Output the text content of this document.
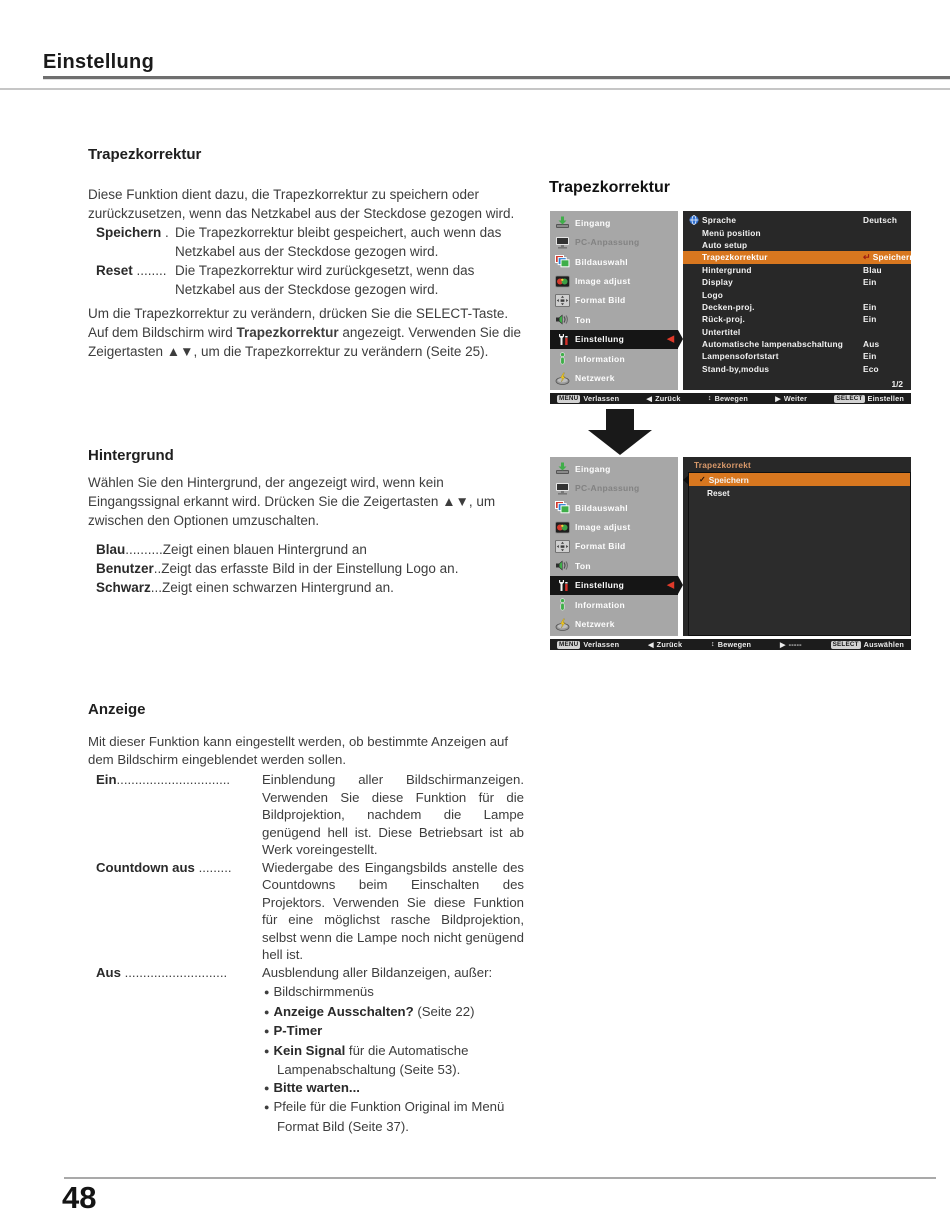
Einstellung
Trapezkorrektur

Diese Funktion dient dazu, die Trapezkorrektur zu speichern oder zurückzusetzen, wenn das Netzkabel aus der Steckdose gezogen wird.

Speichern . Die Trapezkorrektur bleibt gespeichert, auch wenn das Netzkabel aus der Steckdose gezogen wird.
Reset ........ Die Trapezkorrektur wird zurückgesetzt, wenn das Netzkabel aus der Steckdose gezogen wird.

Um die Trapezkorrektur zu verändern, drücken Sie die SELECT-Taste. Auf dem Bildschirm wird Trapezkorrektur angezeigt. Verwenden Sie die Zeigertasten ▲▼, um die Trapezkorrektur zu verändern (Seite 25).

Hintergrund

Wählen Sie den Hintergrund, der angezeigt wird, wenn kein Eingangssignal erkannt wird. Drücken Sie die Zeigertasten ▲▼, um zwischen den Optionen umzuschalten.

Blau..........Zeigt einen blauen Hintergrund an
Benutzer..Zeigt das erfasste Bild in der Einstellung Logo an.
Schwarz...Zeigt einen schwarzen Hintergrund an.
Anzeige

Mit dieser Funktion kann eingestellt werden, ob bestimmte Anzeigen auf dem Bildschirm eingeblendet werden sollen.

Ein...............................	Einblendung aller Bildschirmanzeigen. Verwenden Sie diese Funktion für die Bildprojektion, nachdem die Lampe genügend hell ist. Diese Betriebsart ist ab Werk voreingestellt.
Countdown aus .........	Wiedergabe des Eingangsbilds anstelle des Countdowns beim Einschalten des Projektors. Verwenden Sie diese Funktion für eine möglichst rasche Bildprojektion, selbst wenn die Lampe noch nicht genügend hell ist.
Aus ............................	Ausblendung aller Bildanzeigen, außer:
● Bildschirmmenüs
● Anzeige Ausschalten? (Seite 22)
● P-Timer
● Kein Signal für die Automatische Lampenabschaltung (Seite 53).
● Bitte warten...
● Pfeile für die Funktion Original im Menü Format Bild (Seite 37).
Trapezkorrektur
Eingang
PC-Anpassung
Bildauswahl
Image adjust
Format Bild
Ton
Einstellung	◀
Information
Netzwerk
Sprache	Deutsch
Menü position
Auto setup
Trapezkorrektur	↵ Speichern
Hintergrund	Blau
Display	Ein
Logo
Decken-proj.	Ein
Rück-proj.	Ein
Untertitel
Automatische lampenabschaltung Aus
Lampensofortstart	Ein
Stand-by,modus	Eco
1/2
MENU Verlassen	◀ Zurück	↕ Bewegen	▶ Weiter	SELECT Einstellen
Eingang
PC-Anpassung
Bildauswahl
Image adjust
Format Bild
Ton
Einstellung	◀
Information
Netzwerk
Trapezkorrekt
✓ Speichern
Reset
MENU Verlassen	◀ Zurück	↕ Bewegen	▶ -----	SELECT Auswählen
48
